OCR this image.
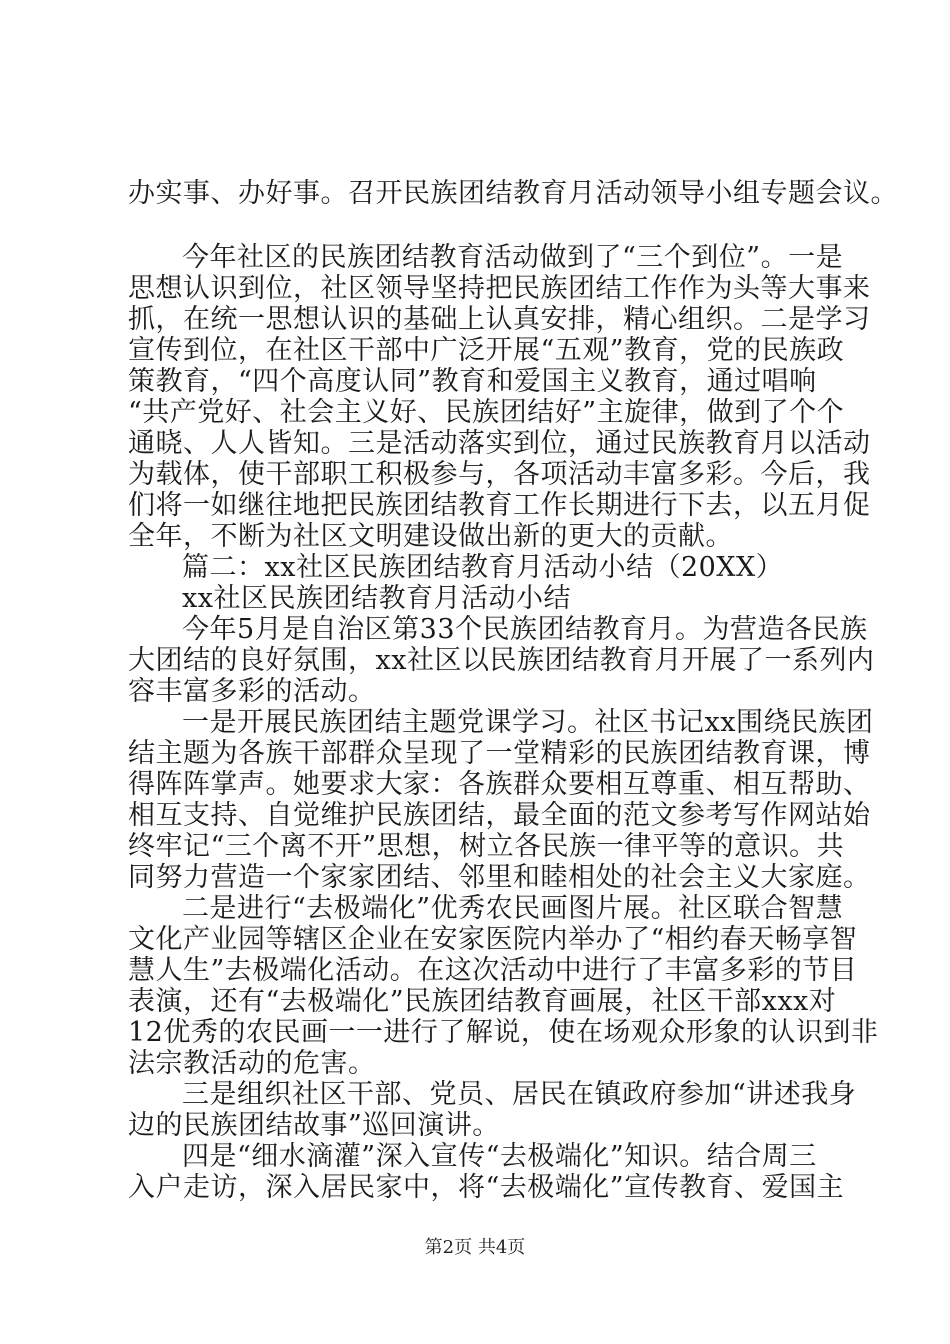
办实事、办好事。召开民族团结教育月活动领导小组专题会议。

今年社区的民族团结教育活动做到了“三个到位”。一是

思想认识到位，社区领导坚持把民族团结工作作为头等大事来

抓，在统一思想认识的基础上认真安排，精心组织。二是学习

宣传到位，在社区干部中广泛开展“五观”教育，党的民族政

策教育，“四个高度认同”教育和爱国主义教育，通过唱响

“共产党好、社会主义好、民族团结好”主旋律，做到了个个

通晓、人人皆知。三是活动落实到位，通过民族教育月以活动

为载体，使干部职工积极参与，各项活动丰富多彩。今后，我

们将一如继往地把民族团结教育工作长期进行下去，以五月促

全年，不断为社区文明建设做出新的更大的贡献。

篇二：xx社区民族团结教育月活动小结（20XX）

xx社区民族团结教育月活动小结

今年5月是自治区第33个民族团结教育月。为营造各民族

大团结的良好氛围，xx社区以民族团结教育月开展了一系列内

容丰富多彩的活动。

一是开展民族团结主题党课学习。社区书记xx围绕民族团

结主题为各族干部群众呈现了一堂精彩的民族团结教育课，博

得阵阵掌声。她要求大家：各族群众要相互尊重、相互帮助、

相互支持、自觉维护民族团结，最全面的范文参考写作网站始

终牢记“三个离不开”思想，树立各民族一律平等的意识。共

同努力营造一个家家团结、邻里和睦相处的社会主义大家庭。

二是进行“去极端化”优秀农民画图片展。社区联合智慧

文化产业园等辖区企业在安家医院内举办了“相约春天畅享智

慧人生”去极端化活动。在这次活动中进行了丰富多彩的节目

表演，还有“去极端化”民族团结教育画展，社区干部xxx对

12优秀的农民画一一进行了解说，使在场观众形象的认识到非

法宗教活动的危害。

三是组织社区干部、党员、居民在镇政府参加“讲述我身

边的民族团结故事”巡回演讲。

四是“细水滴灌”深入宣传“去极端化”知识。结合周三

入户走访，深入居民家中，将“去极端化”宣传教育、爱国主

第2页 共4页
